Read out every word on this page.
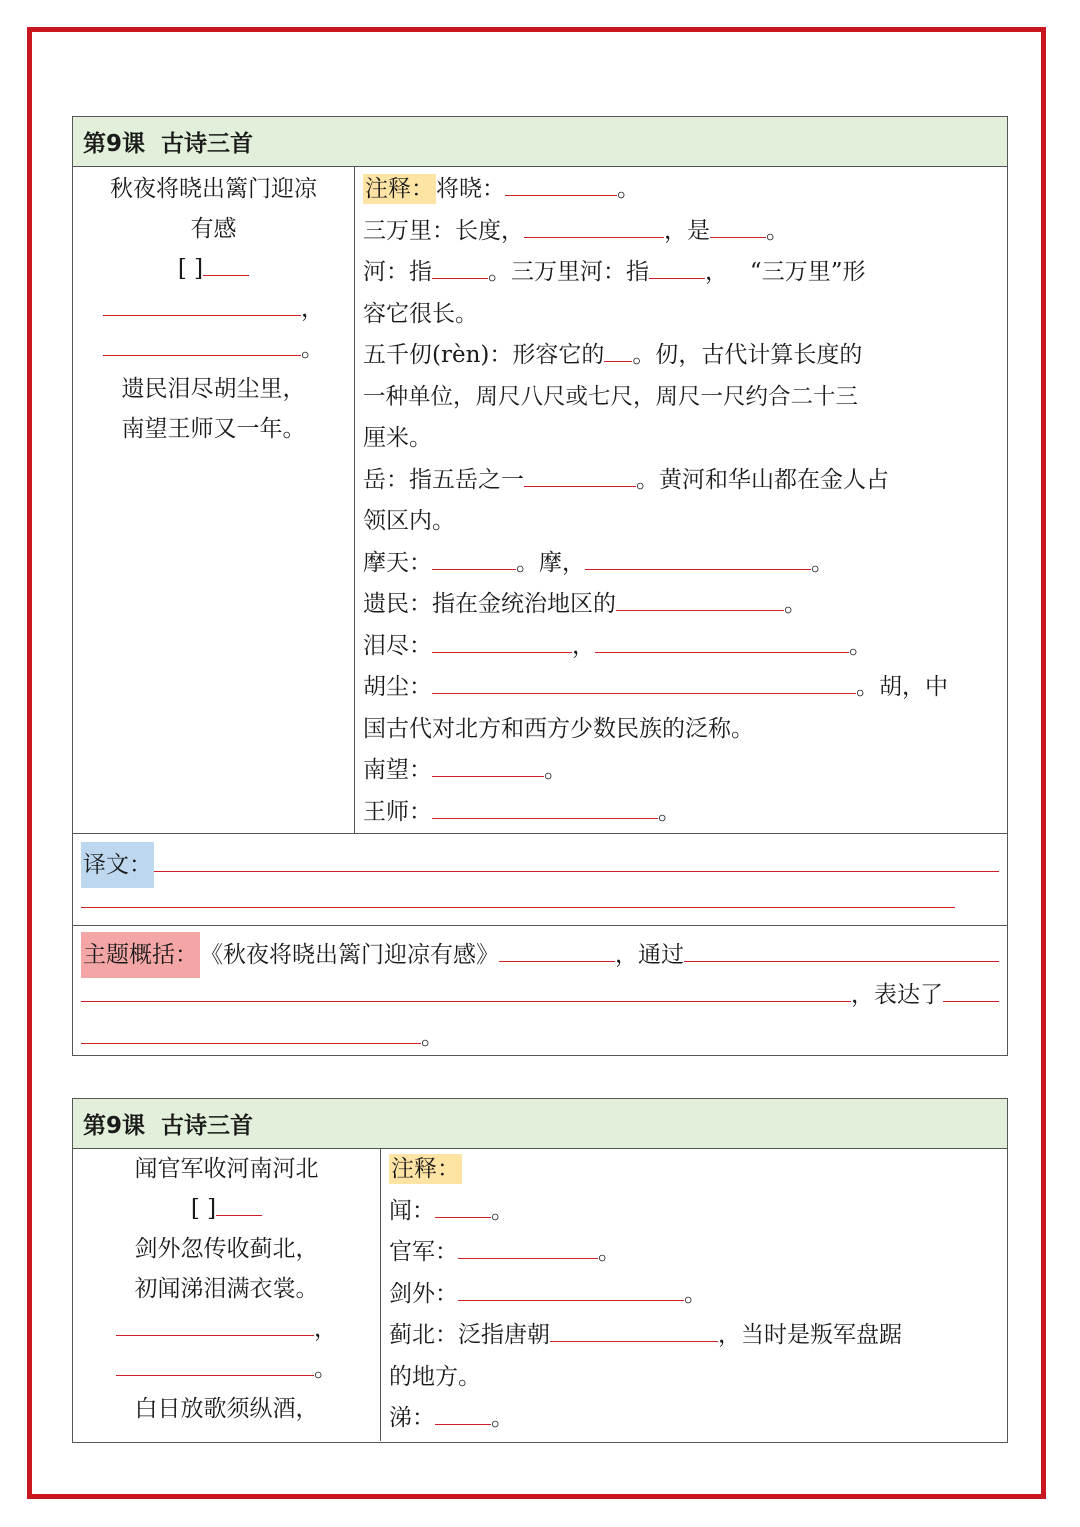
第9课  古诗三首
秋夜将晓出篱门迎凉
有感
[ ]
，
。
遗民泪尽胡尘里，
南望王师又一年。
注释：将晓：	。
三万里：长度，	，是 。
河：指 。三万里河：指 ，   “三万里”形
容它很长。
五千仞(rèn)：形容它的 。仞，古代计算长度的
一种单位，周尺八尺或七尺，周尺一尺约合二十三
厘米。
岳：指五岳之一	。黄河和华山都在金人占
领区内。
摩天：	。摩，	。
遗民：指在金统治地区的	。
泪尽：	，	。
胡尘：	。胡，中
国古代对北方和西方少数民族的泛称。
南望：	。
王师：	。
译文：
主题概括： 《秋夜将晓出篱门迎凉有感》	，通过
，表达了
。
第9课  古诗三首
闻官军收河南河北
[ ]
剑外忽传收蓟北，
初闻涕泪满衣裳。
，
。
白日放歌须纵酒，
注释：
闻： 。
官军：	。
剑外：	。
蓟北：泛指唐朝	，当时是叛军盘踞
的地方。
涕： 。
